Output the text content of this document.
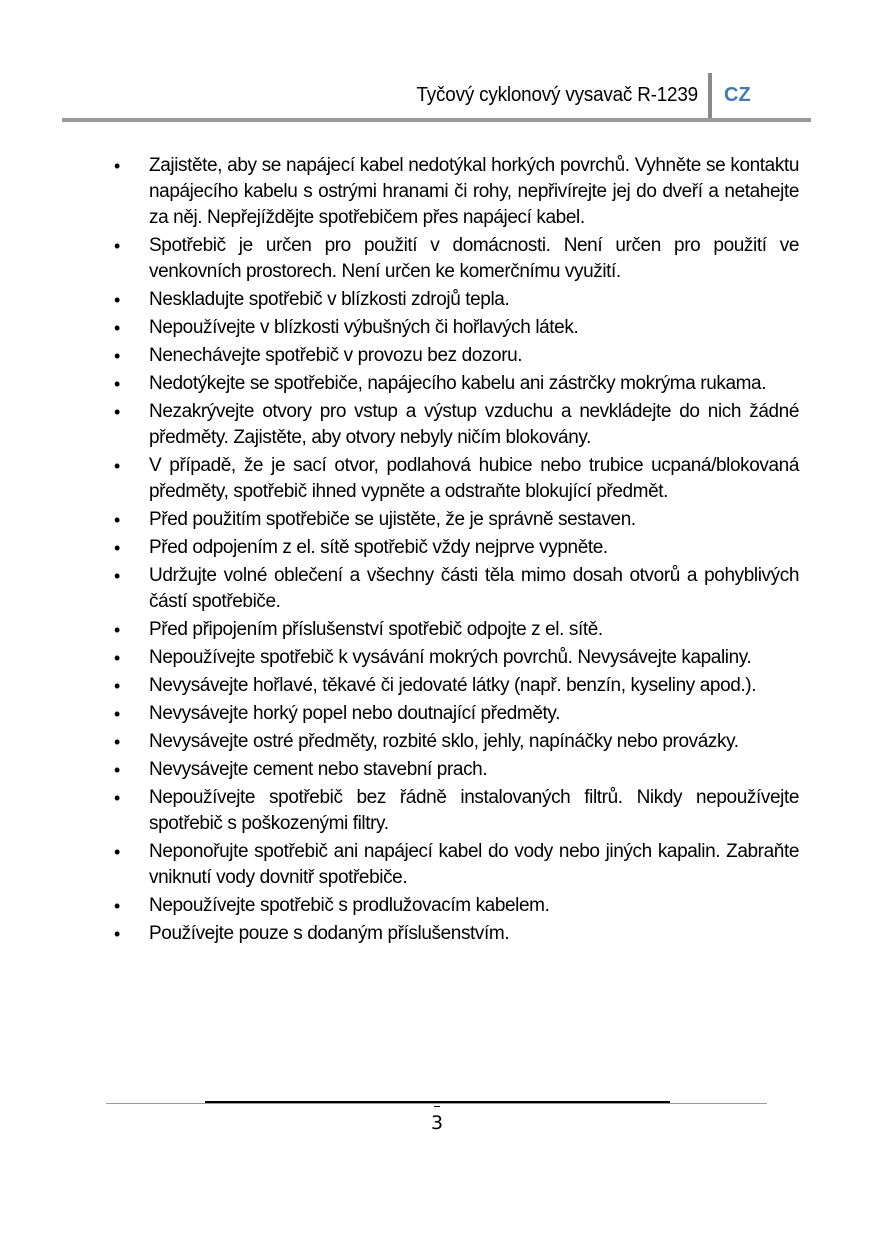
Tyčový cyklonový vysavač R-1239 CZ
•	Zajistěte, aby se napájecí kabel nedotýkal horkých povrchů. Vyhněte se kontaktu napájecího kabelu s ostrými hranami či rohy, nepřivírejte jej do dveří a netahejte za něj. Nepřejíždějte spotřebičem přes napájecí kabel.
•	Spotřebič je určen pro použití v domácnosti. Není určen pro použití ve venkovních prostorech. Není určen ke komerčnímu využití.
•	Neskladujte spotřebič v blízkosti zdrojů tepla.
•	Nepoužívejte v blízkosti výbušných či hořlavých látek.
•	Nenechávejte spotřebič v provozu bez dozoru.
•	Nedotýkejte se spotřebiče, napájecího kabelu ani zástrčky mokrýma rukama.
•	Nezakrývejte otvory pro vstup a výstup vzduchu a nevkládejte do nich žádné předměty. Zajistěte, aby otvory nebyly ničím blokovány.
•	V případě, že je sací otvor, podlahová hubice nebo trubice ucpaná/blokovaná předměty, spotřebič ihned vypněte a odstraňte blokující předmět.
•	Před použitím spotřebiče se ujistěte, že je správně sestaven.
•	Před odpojením z el. sítě spotřebič vždy nejprve vypněte.
•	Udržujte volné oblečení a všechny části těla mimo dosah otvorů a pohyblivých částí spotřebiče.
•	Před připojením příslušenství spotřebič odpojte z el. sítě.
•	Nepoužívejte spotřebič k vysávání mokrých povrchů. Nevysávejte kapaliny.
•	Nevysávejte hořlavé, těkavé či jedovaté látky (např. benzín, kyseliny apod.).
•	Nevysávejte horký popel nebo doutnající předměty.
•	Nevysávejte ostré předměty, rozbité sklo, jehly, napínáčky nebo provázky.
•	Nevysávejte cement nebo stavební prach.
•	Nepoužívejte spotřebič bez řádně instalovaných filtrů. Nikdy nepoužívejte spotřebič s poškozenými filtry.
•	Neponořujte spotřebič ani napájecí kabel do vody nebo jiných kapalin. Zabraňte vniknutí vody dovnitř spotřebiče.
•	Nepoužívejte spotřebič s prodlužovacím kabelem.
•	Používejte pouze s dodaným příslušenstvím.
3
